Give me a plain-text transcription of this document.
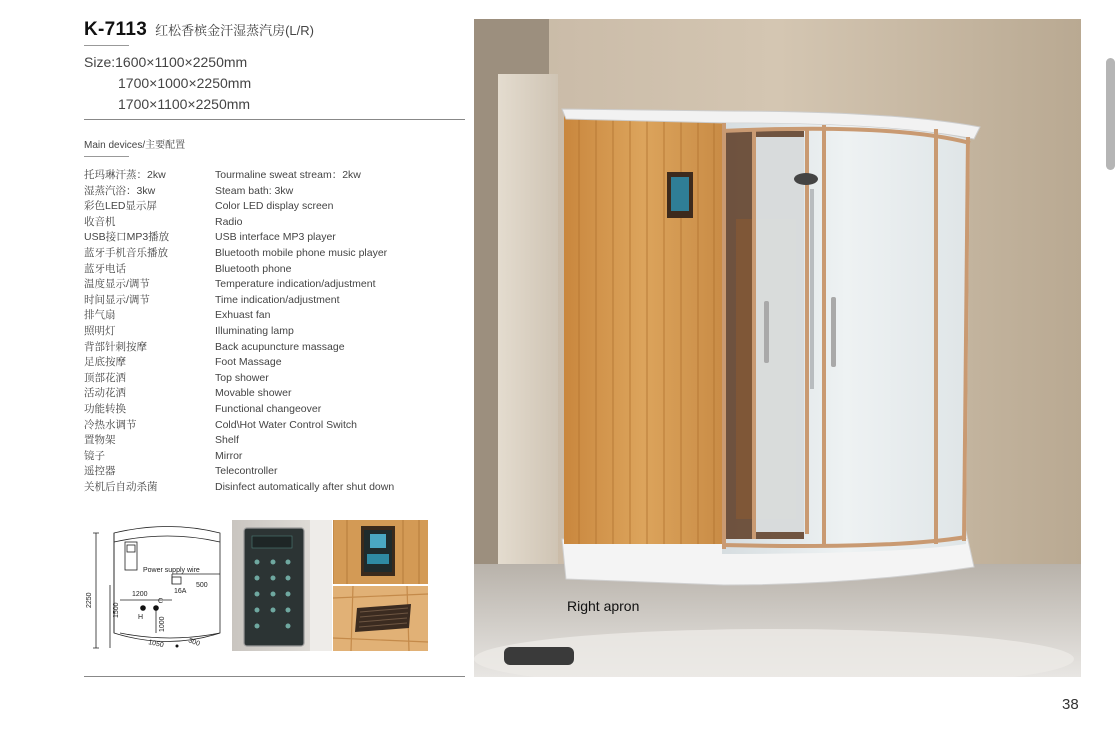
K-7113 红松香槟金汗湿蒸汽房(L/R)
Size:1600×1100×2250mm
1700×1000×2250mm
1700×1100×2250mm
Main devices/主要配置
托玛琳汗蒸：2kw	Tourmaline sweat stream：2kw
湿蒸汽浴：3kw	Steam bath: 3kw
彩色LED显示屏	Color LED display screen
收音机	Radio
USB接口MP3播放	USB interface MP3 player
蓝牙手机音乐播放	Bluetooth mobile phone music player
蓝牙电话	Bluetooth phone
温度显示/调节	Temperature indication/adjustment
时间显示/调节	Time indication/adjustment
排气扇	Exhuast fan
照明灯	Illuminating lamp
背部针刺按摩	Back acupuncture massage
足底按摩	Foot Massage
顶部花洒	Top shower
活动花洒	Movable shower
功能转换	Functional changeover
冷热水调节	Cold\Hot Water Control Switch
置物架	Shelf
镜子	Mirror
遥控器	Telecontroller
关机后自动杀菌	Disinfect automatically after shut down
Power supply wire
16A
500
1200
C
H
2250
1500
1000
1050	300
Right apron
38
